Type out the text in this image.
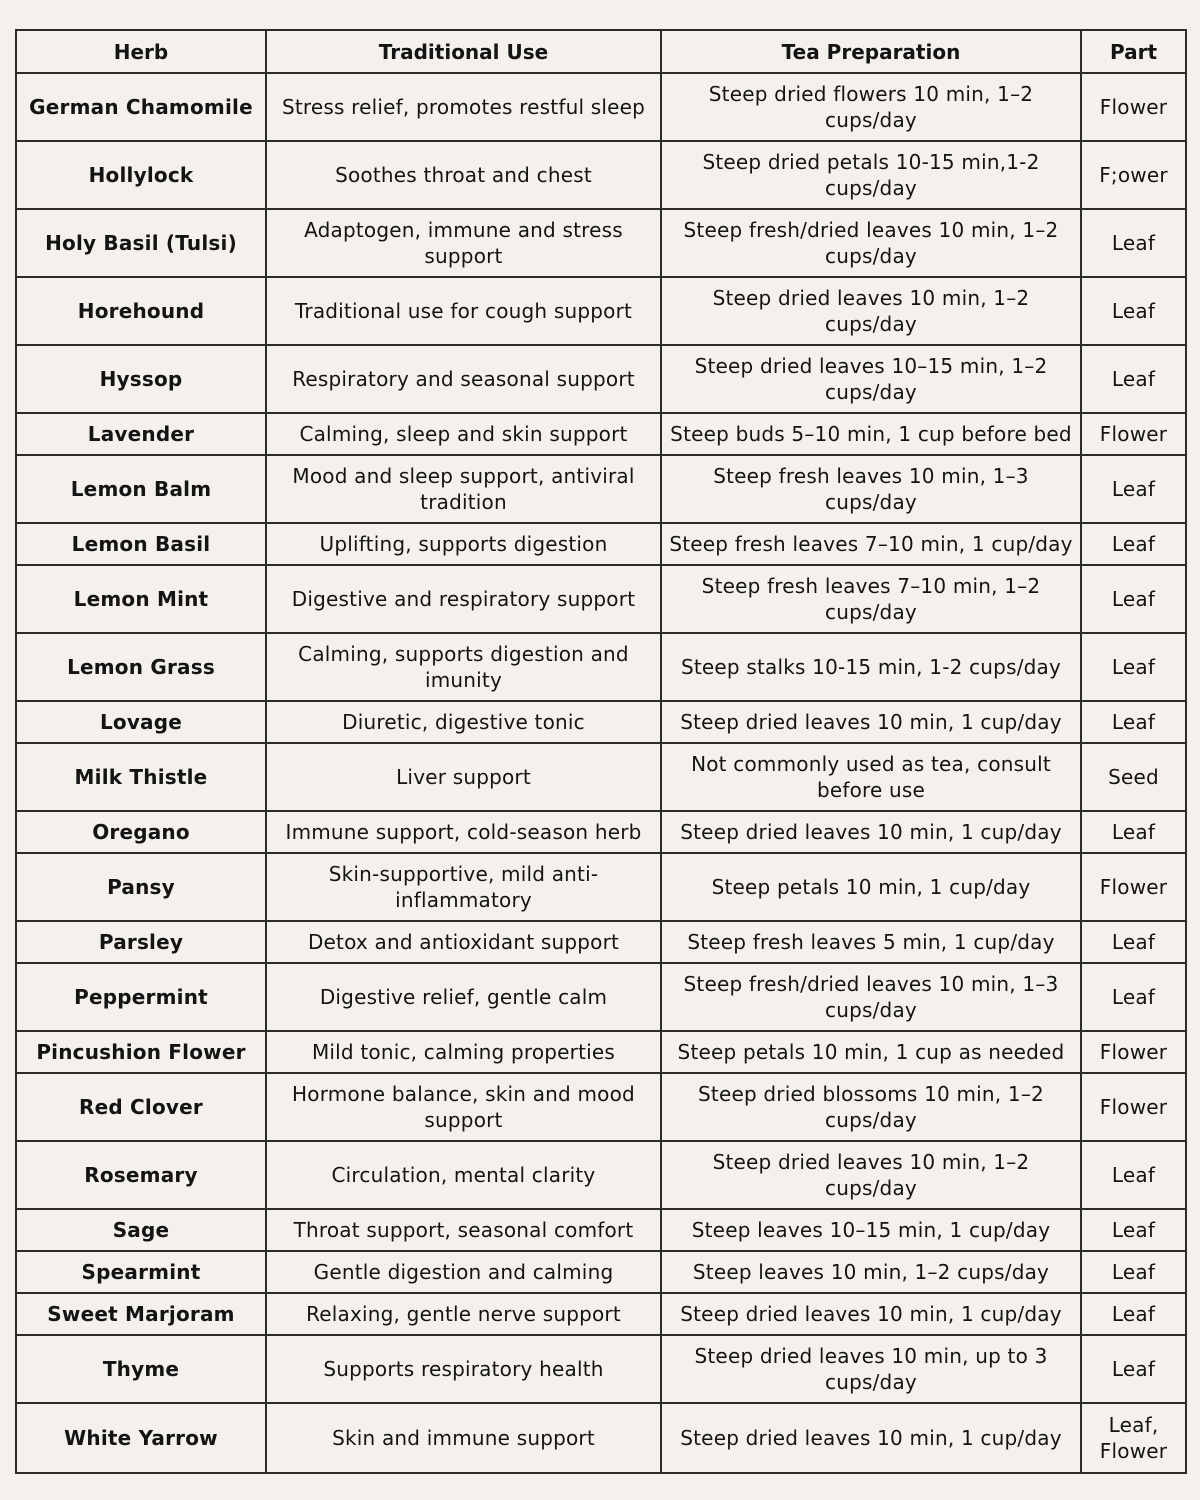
Herb	Traditional Use	Tea Preparation	Part
German Chamomile	Stress relief, promotes restful sleep	Steep dried flowers 10 min, 1–2 cups/day	Flower
Hollylock	Soothes throat and chest	Steep dried petals 10-15 min,1-2 cups/day	F;ower
Holy Basil (Tulsi)	Adaptogen, immune and stress support	Steep fresh/dried leaves 10 min, 1–2 cups/day	Leaf
Horehound	Traditional use for cough support	Steep dried leaves 10 min, 1–2 cups/day	Leaf
Hyssop	Respiratory and seasonal support	Steep dried leaves 10–15 min, 1–2 cups/day	Leaf
Lavender	Calming, sleep and skin support	Steep buds 5–10 min, 1 cup before bed	Flower
Lemon Balm	Mood and sleep support, antiviral tradition	Steep fresh leaves 10 min, 1–3 cups/day	Leaf
Lemon Basil	Uplifting, supports digestion	Steep fresh leaves 7–10 min, 1 cup/day	Leaf
Lemon Mint	Digestive and respiratory support	Steep fresh leaves 7–10 min, 1–2 cups/day	Leaf
Lemon Grass	Calming, supports digestion and imunity	Steep stalks 10-15 min, 1-2 cups/day	Leaf
Lovage	Diuretic, digestive tonic	Steep dried leaves 10 min, 1 cup/day	Leaf
Milk Thistle	Liver support	Not commonly used as tea, consult before use	Seed
Oregano	Immune support, cold-season herb	Steep dried leaves 10 min, 1 cup/day	Leaf
Pansy	Skin-supportive, mild anti-inflammatory	Steep petals 10 min, 1 cup/day	Flower
Parsley	Detox and antioxidant support	Steep fresh leaves 5 min, 1 cup/day	Leaf
Peppermint	Digestive relief, gentle calm	Steep fresh/dried leaves 10 min, 1–3 cups/day	Leaf
Pincushion Flower	Mild tonic, calming properties	Steep petals 10 min, 1 cup as needed	Flower
Red Clover	Hormone balance, skin and mood support	Steep dried blossoms 10 min, 1–2 cups/day	Flower
Rosemary	Circulation, mental clarity	Steep dried leaves 10 min, 1–2 cups/day	Leaf
Sage	Throat support, seasonal comfort	Steep leaves 10–15 min, 1 cup/day	Leaf
Spearmint	Gentle digestion and calming	Steep leaves 10 min, 1–2 cups/day	Leaf
Sweet Marjoram	Relaxing, gentle nerve support	Steep dried leaves 10 min, 1 cup/day	Leaf
Thyme	Supports respiratory health	Steep dried leaves 10 min, up to 3 cups/day	Leaf
White Yarrow	Skin and immune support	Steep dried leaves 10 min, 1 cup/day	Leaf, Flower
